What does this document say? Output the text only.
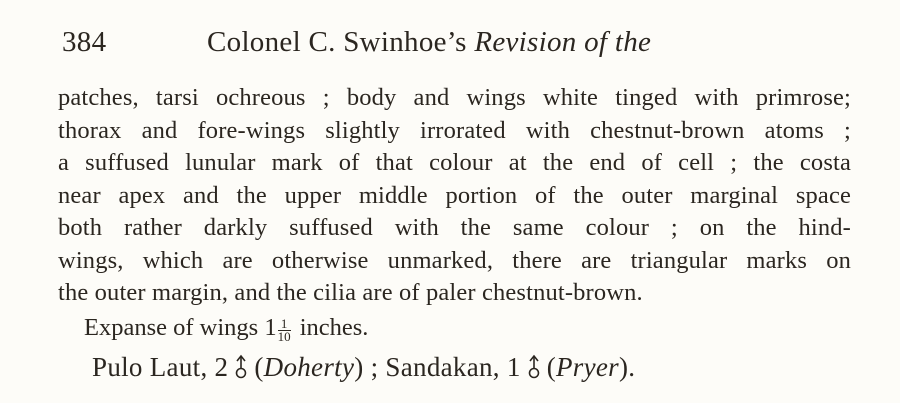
384	Colonel C. Swinhoe’s Revision of the
patches, tarsi ochreous ; body and wings white tinged with primrose;
thorax and fore-wings slightly irrorated with chestnut-brown atoms ;
a suffused lunular mark of that colour at the end of cell ; the costa
near apex and the upper middle portion of the outer marginal space
both rather darkly suffused with the same colour ; on the hind-
wings, which are otherwise unmarked, there are triangular marks on
the outer margin, and the cilia are of paler chestnut-brown.
Expanse of wings $1 \frac{1}{10}$ inches.
Pulo Laut, 2 (Doherty) ; Sandakan, 1 (Pryer).
